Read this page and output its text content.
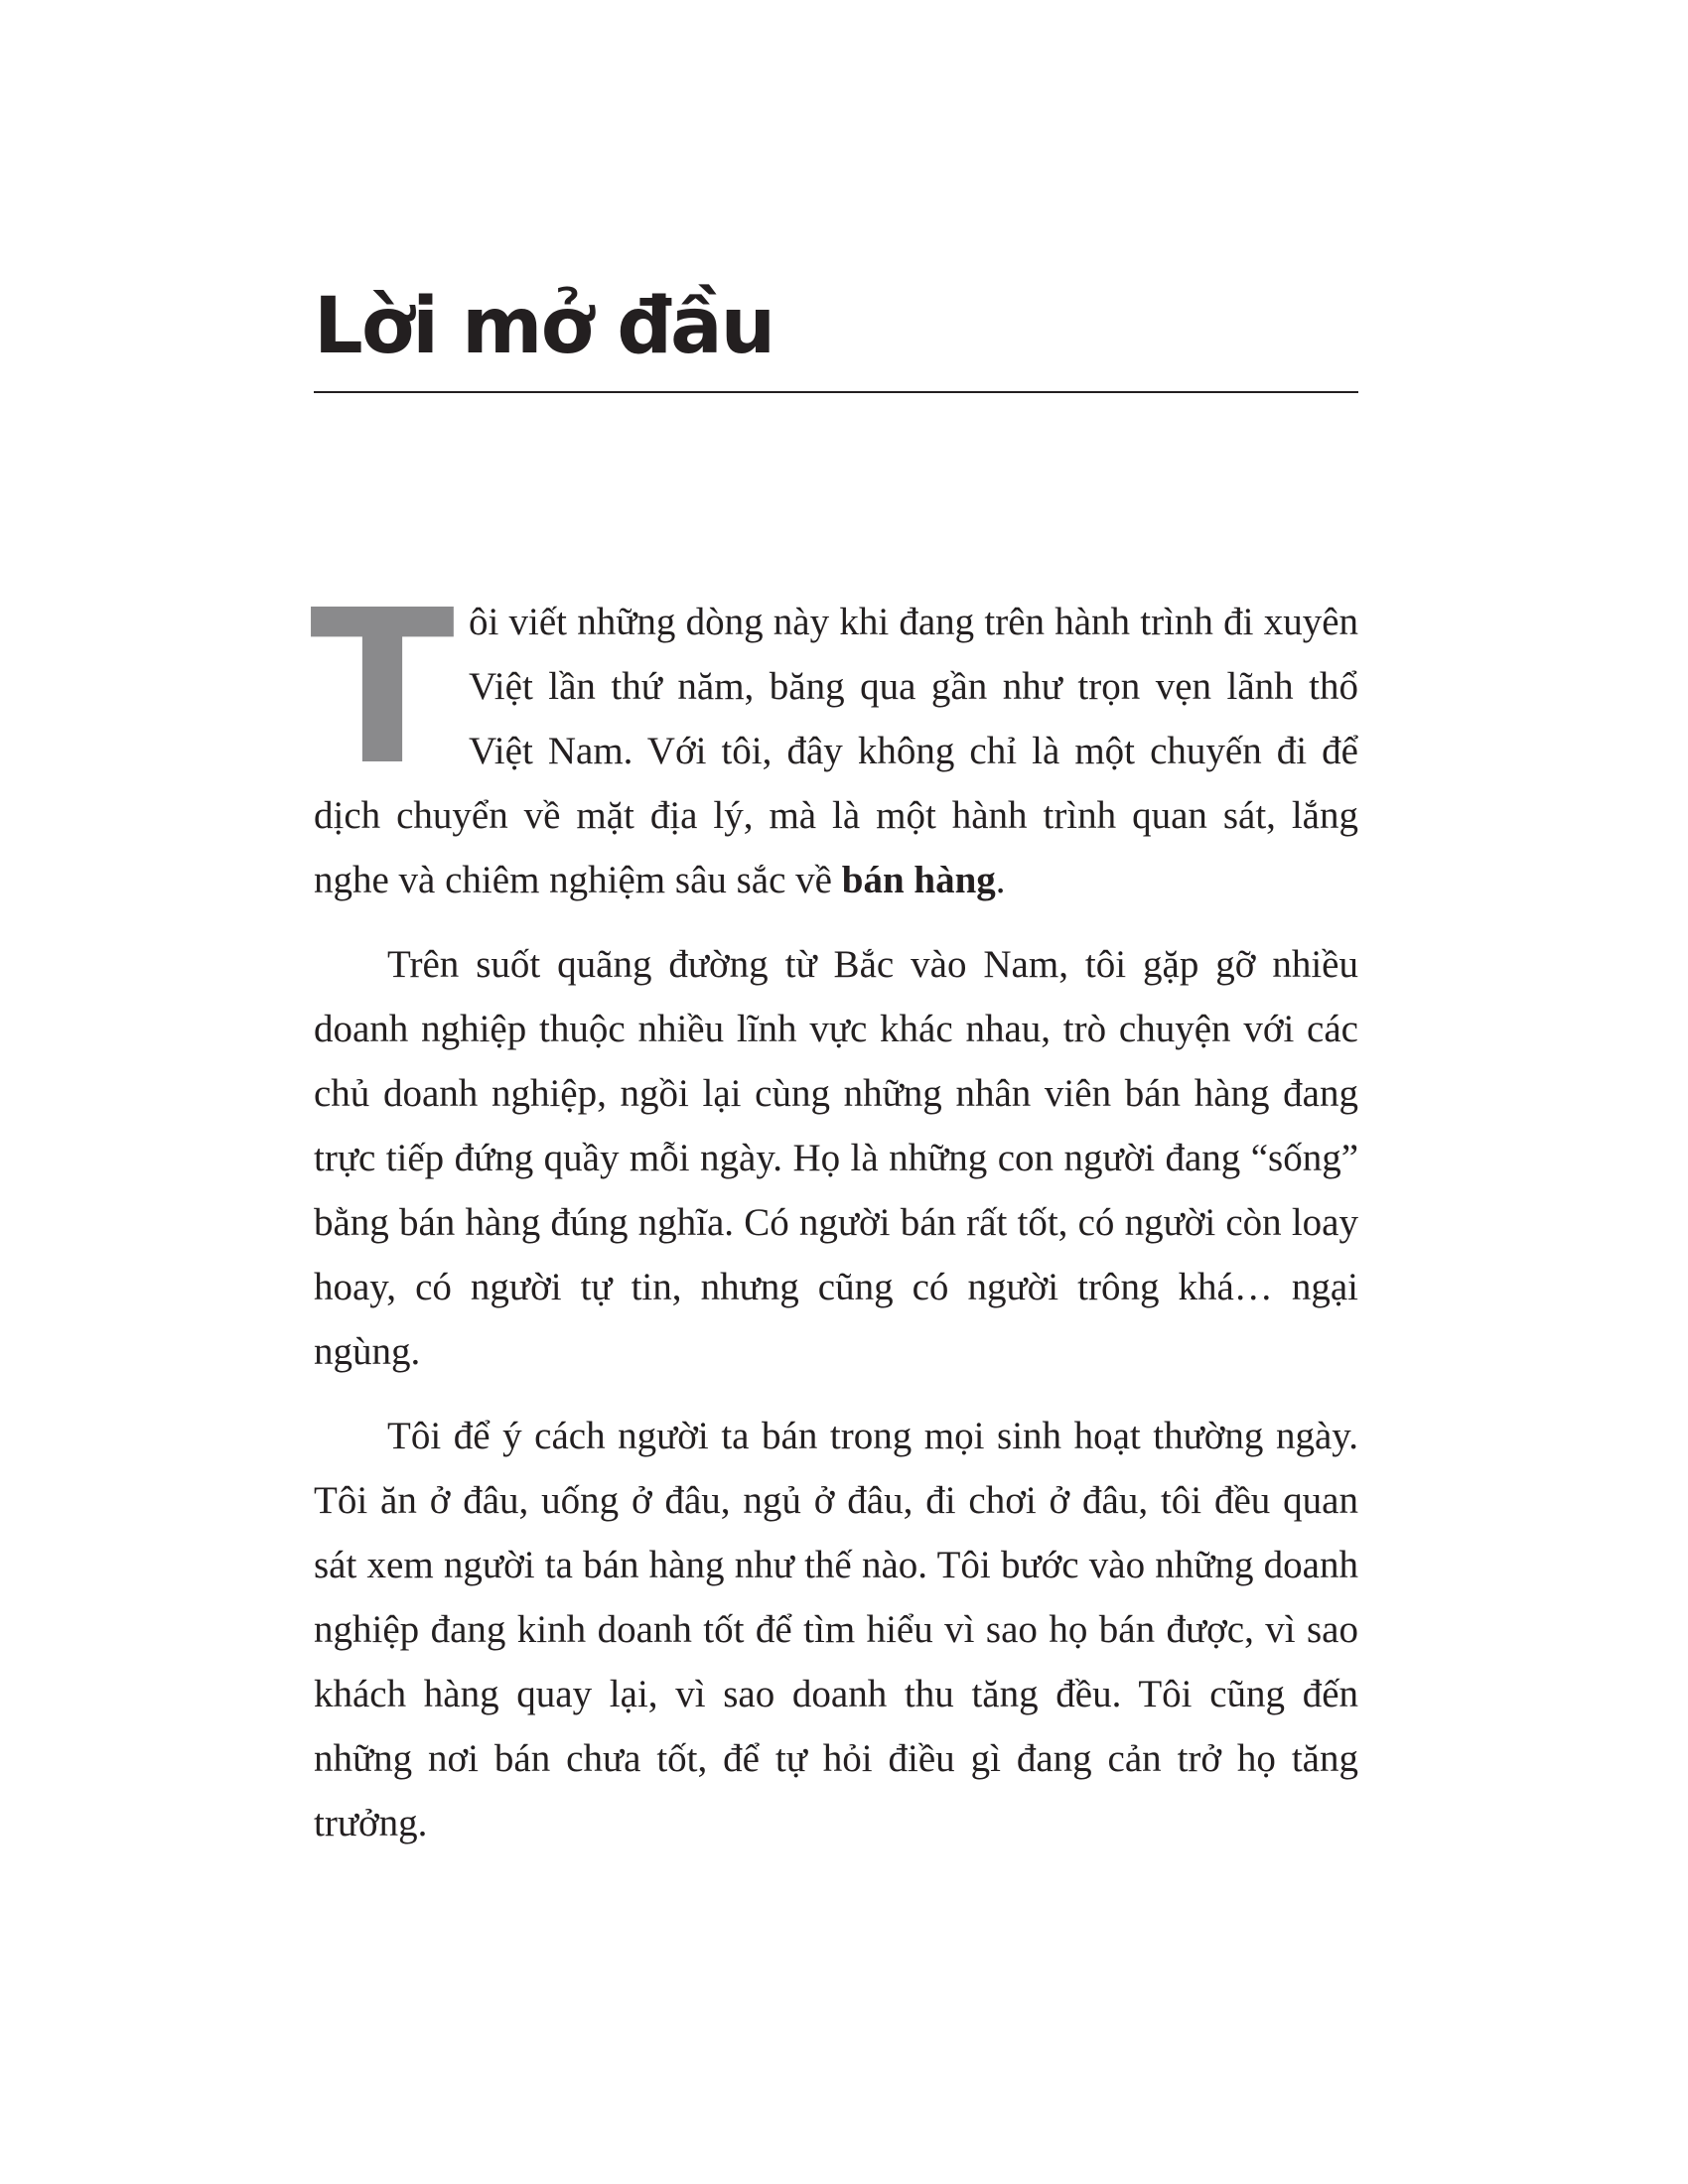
Lời mở đầu

Tôi viết những dòng này khi đang trên hành trình đi xuyên Việt lần thứ năm, băng qua gần như trọn vẹn lãnh thổ Việt Nam. Với tôi, đây không chỉ là một chuyến đi để dịch chuyển về mặt địa lý, mà là một hành trình quan sát, lắng nghe và chiêm nghiệm sâu sắc về bán hàng.

Trên suốt quãng đường từ Bắc vào Nam, tôi gặp gỡ nhiều doanh nghiệp thuộc nhiều lĩnh vực khác nhau, trò chuyện với các chủ doanh nghiệp, ngồi lại cùng những nhân viên bán hàng đang trực tiếp đứng quầy mỗi ngày. Họ là những con người đang “sống” bằng bán hàng đúng nghĩa. Có người bán rất tốt, có người còn loay hoay, có người tự tin, nhưng cũng có người trông khá… ngại ngùng.

Tôi để ý cách người ta bán trong mọi sinh hoạt thường ngày. Tôi ăn ở đâu, uống ở đâu, ngủ ở đâu, đi chơi ở đâu, tôi đều quan sát xem người ta bán hàng như thế nào. Tôi bước vào những doanh nghiệp đang kinh doanh tốt để tìm hiểu vì sao họ bán được, vì sao khách hàng quay lại, vì sao doanh thu tăng đều. Tôi cũng đến những nơi bán chưa tốt, để tự hỏi điều gì đang cản trở họ tăng trưởng.
